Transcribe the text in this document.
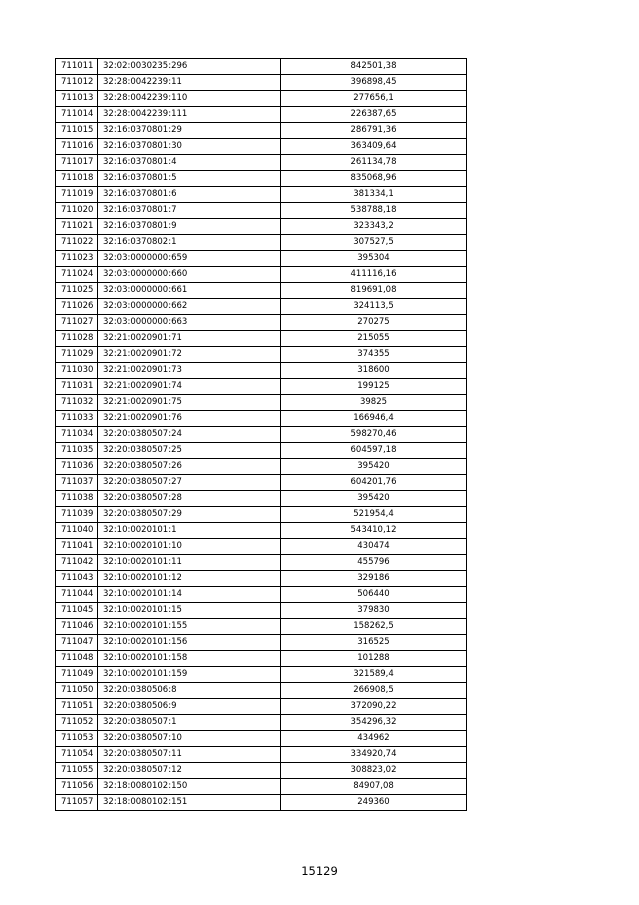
711011	32:02:0030235:296	842501,38
711012	32:28:0042239:11	396898,45
711013	32:28:0042239:110	277656,1
711014	32:28:0042239:111	226387,65
711015	32:16:0370801:29	286791,36
711016	32:16:0370801:30	363409,64
711017	32:16:0370801:4	261134,78
711018	32:16:0370801:5	835068,96
711019	32:16:0370801:6	381334,1
711020	32:16:0370801:7	538788,18
711021	32:16:0370801:9	323343,2
711022	32:16:0370802:1	307527,5
711023	32:03:0000000:659	395304
711024	32:03:0000000:660	411116,16
711025	32:03:0000000:661	819691,08
711026	32:03:0000000:662	324113,5
711027	32:03:0000000:663	270275
711028	32:21:0020901:71	215055
711029	32:21:0020901:72	374355
711030	32:21:0020901:73	318600
711031	32:21:0020901:74	199125
711032	32:21:0020901:75	39825
711033	32:21:0020901:76	166946,4
711034	32:20:0380507:24	598270,46
711035	32:20:0380507:25	604597,18
711036	32:20:0380507:26	395420
711037	32:20:0380507:27	604201,76
711038	32:20:0380507:28	395420
711039	32:20:0380507:29	521954,4
711040	32:10:0020101:1	543410,12
711041	32:10:0020101:10	430474
711042	32:10:0020101:11	455796
711043	32:10:0020101:12	329186
711044	32:10:0020101:14	506440
711045	32:10:0020101:15	379830
711046	32:10:0020101:155	158262,5
711047	32:10:0020101:156	316525
711048	32:10:0020101:158	101288
711049	32:10:0020101:159	321589,4
711050	32:20:0380506:8	266908,5
711051	32:20:0380506:9	372090,22
711052	32:20:0380507:1	354296,32
711053	32:20:0380507:10	434962
711054	32:20:0380507:11	334920,74
711055	32:20:0380507:12	308823,02
711056	32:18:0080102:150	84907,08
711057	32:18:0080102:151	249360
15129
